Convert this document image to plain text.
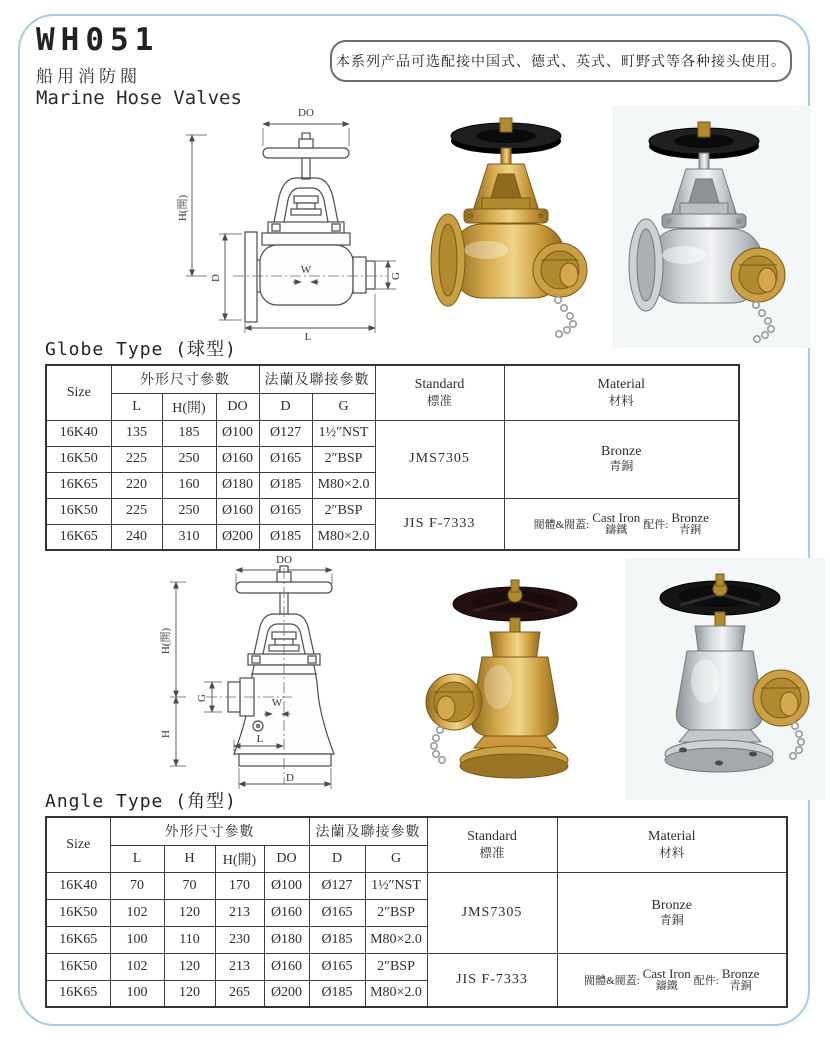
WH051
船用消防閥
Marine Hose Valves
本系列产品可选配接中国式、德式、英式、町野式等各种接头使用。
DO
W
H(開)
D	G
L
Globe Type (球型)
Size	外形尺寸參數	法蘭及聯接參數	Standard
標准

Material
材料

	L	H(開)	DO	D	G		
16K40	135	185	Ø100	Ø127	1½″NST	JMS7305	Bronze
青銅

16K50	225	250	Ø160	Ø165	2″BSP		
16K65	220	160	Ø180	Ø185	M80×2.0		
16K50	225	250	Ø160	Ø165	2″BSP	JIS F-7333	閥體&閥蓋: Cast Iron
鑄鐵	配件: Bronze
青銅

16K65	240	310	Ø200	Ø185	M80×2.0		
DO
W
H(開)
H
G
L
D
Angle Type (角型)
Size	外形尺寸參數	法蘭及聯接參數	Standard
標准

Material
材料

	L	H	H(開)	DO	D	G		
16K40	70	70	170	Ø100	Ø127	1½″NST	JMS7305	Bronze
青銅

16K50	102	120	213	Ø160	Ø165	2″BSP		
16K65	100	110	230	Ø180	Ø185	M80×2.0		
16K50	102	120	213	Ø160	Ø165	2″BSP	JIS F-7333	閥體&閥蓋: Cast Iron
鑄鐵	配件: Bronze
青銅

16K65	100	120	265	Ø200	Ø185	M80×2.0		
